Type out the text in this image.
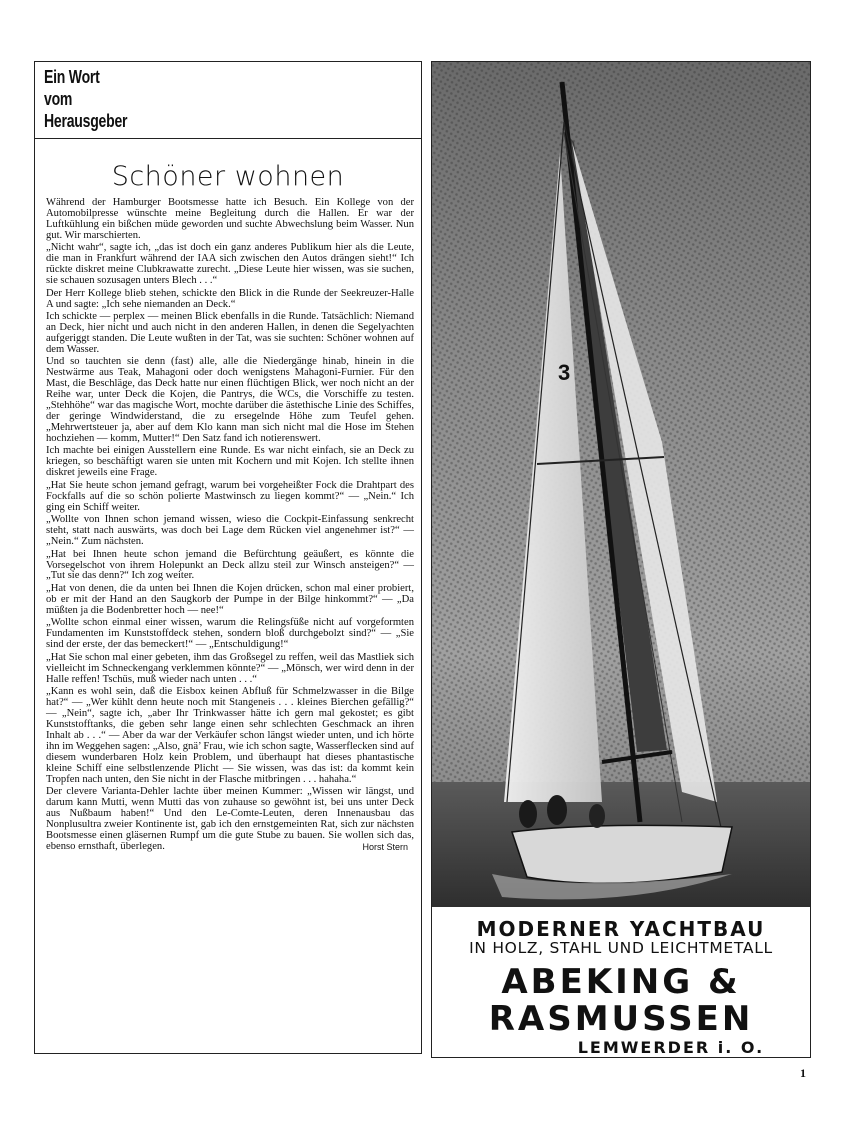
Ein Wort
vom
Herausgeber
Schöner wohnen

Während der Hamburger Bootsmesse hatte ich Besuch. Ein Kollege von der Automobilpresse wünschte meine Begleitung durch die Hallen. Er war der Luftkühlung ein bißchen müde geworden und suchte Abwechslung beim Wasser. Nun gut. Wir marschierten.

„Nicht wahr“, sagte ich, „das ist doch ein ganz anderes Publikum hier als die Leute, die man in Frankfurt während der IAA sich zwischen den Autos drängen sieht!“ Ich rückte diskret meine Clubkrawatte zurecht. „Diese Leute hier wissen, was sie suchen, sie schauen sozusagen unters Blech . . .“

Der Herr Kollege blieb stehen, schickte den Blick in die Runde der Seekreuzer-Halle A und sagte: „Ich sehe niemanden an Deck.“

Ich schickte — perplex — meinen Blick ebenfalls in die Runde. Tatsächlich: Niemand an Deck, hier nicht und auch nicht in den anderen Hallen, in denen die Segelyachten aufgeriggt standen. Die Leute wußten in der Tat, was sie suchten: Schöner wohnen auf dem Wasser.

Und so tauchten sie denn (fast) alle, alle die Niedergänge hinab, hinein in die Nestwärme aus Teak, Mahagoni oder doch wenigstens Mahagoni-Furnier. Für den Mast, die Beschläge, das Deck hatte nur einen flüchtigen Blick, wer noch nicht an der Reihe war, unter Deck die Kojen, die Pantrys, die WCs, die Vorschiffe zu testen. „Stehhöhe“ war das magische Wort, mochte darüber die ästethische Linie des Schiffes, der geringe Windwiderstand, die zu ersegelnde Höhe zum Teufel gehen. „Mehrwertsteuer ja, aber auf dem Klo kann man sich nicht mal die Hose im Stehen hochziehen — komm, Mutter!“ Den Satz fand ich notierenswert.

Ich machte bei einigen Ausstellern eine Runde. Es war nicht einfach, sie an Deck zu kriegen, so beschäftigt waren sie unten mit Kochern und mit Kojen. Ich stellte ihnen diskret jeweils eine Frage.

„Hat Sie heute schon jemand gefragt, warum bei vorgeheißter Fock die Drahtpart des Fockfalls auf die so schön polierte Mastwinsch zu liegen kommt?“ — „Nein.“ Ich ging ein Schiff weiter.

„Wollte von Ihnen schon jemand wissen, wieso die Cockpit-Einfassung senkrecht steht, statt nach auswärts, was doch bei Lage dem Rücken viel angenehmer ist?“ — „Nein.“ Zum nächsten.

„Hat bei Ihnen heute schon jemand die Befürchtung geäußert, es könnte die Vorsegelschot von ihrem Holepunkt an Deck allzu steil zur Winsch ansteigen?“ — „Tut sie das denn?“ Ich zog weiter.

„Hat von denen, die da unten bei Ihnen die Kojen drücken, schon mal einer probiert, ob er mit der Hand an den Saugkorb der Pumpe in der Bilge hinkommt?“ — „Da müßten ja die Bodenbretter hoch — nee!“

„Wollte schon einmal einer wissen, warum die Relingsfüße nicht auf vorgeformten Fundamenten im Kunststoffdeck stehen, sondern bloß durchgebolzt sind?“ — „Sie sind der erste, der das bemeckert!“ — „Entschuldigung!“

„Hat Sie schon mal einer gebeten, ihm das Großsegel zu reffen, weil das Mastliek sich vielleicht im Schneckengang verklemmen könnte?“ — „Mönsch, wer wird denn in der Halle reffen! Tschüs, muß wieder nach unten . . .“

„Kann es wohl sein, daß die Eisbox keinen Abfluß für Schmelzwasser in die Bilge hat?“ — „Wer kühlt denn heute noch mit Stangeneis . . . kleines Bierchen gefällig?“ — „Nein“, sagte ich, „aber Ihr Trinkwasser hätte ich gern mal gekostet; es gibt Kunststofftanks, die geben sehr lange einen sehr schlechten Geschmack an ihren Inhalt ab . . .“ — Aber da war der Verkäufer schon längst wieder unten, und ich hörte ihn im Weggehen sagen: „Also, gnä’ Frau, wie ich schon sagte, Wasserflecken sind auf diesem wunderbaren Holz kein Problem, und überhaupt hat dieses phantastische kleine Schiff eine selbstlenzende Plicht — Sie wissen, was das ist: da kommt kein Tropfen nach unten, den Sie nicht in der Flasche mitbringen . . . hahaha.“

Der clevere Varianta-Dehler lachte über meinen Kummer: „Wissen wir längst, und darum kann Mutti, wenn Mutti das von zuhause so gewöhnt ist, bei uns unter Deck aus Nußbaum haben!“ Und den Le-Comte-Leuten, deren Innenausbau das Nonplusultra zweier Kontinente ist, gab ich den ernstgemeinten Rat, sich zur nächsten Bootsmesse einen gläsernen Rumpf um die gute Stube zu bauen. Sie wollen sich das, ebenso ernsthaft, überlegen.	Horst Stern

3
MODERNER YACHTBAU
IN HOLZ, STAHL UND LEICHTMETALL
ABEKING &
RASMUSSEN
LEMWERDER i. O.
1
